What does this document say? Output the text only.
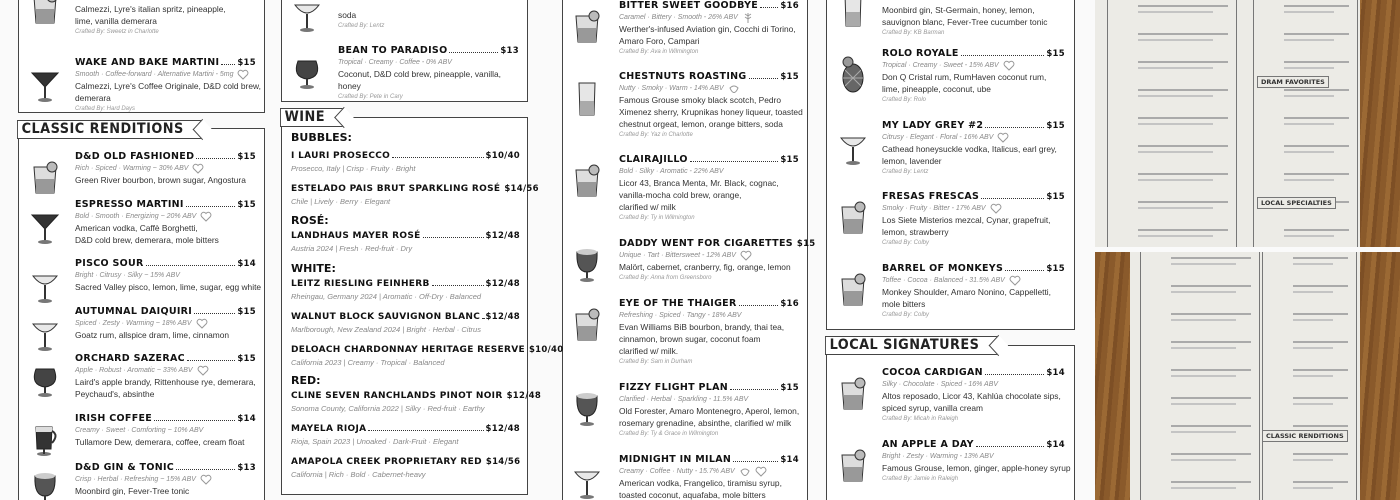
Calmezzi, Lyre's italian spritz, pineapple,
lime, vanilla demerara
Crafted By: Sweetz in Charlotte
WAKE AND BAKE MARTINI $15
Smooth · Coffee-forward · Alternative Martini - 5mg
Calmezzi, Lyre's Coffee Originale, D&D cold brew,
demerara
Crafted By: Hard Days
CLASSIC RENDITIONS
D&D OLD FASHIONED	$15
Rich · Spiced · Warming ~ 30% ABV
Green River bourbon, brown sugar, Angostura
ESPRESSO MARTINI	$15
Bold · Smooth · Energizing ~ 20% ABV
American vodka, Caffè Borghetti,
D&D cold brew, demerara, mole bitters
PISCO SOUR	$14
Bright · Citrusy · Silky ~ 15% ABV
Sacred Valley pisco, lemon, lime, sugar, egg white
AUTUMNAL DAIQUIRI	$15
Spiced · Zesty · Warming ~ 18% ABV
Goatz rum, allspice dram, lime, cinnamon
ORCHARD SAZERAC	$15
Apple · Robust · Aromatic ~ 33% ABV
Laird's apple brandy, Rittenhouse rye, demerara,
Peychaud's, absinthe
IRISH COFFEE	$14
Creamy · Sweet · Comforting ~ 10% ABV
Tullamore Dew, demerara, coffee, cream float
D&D GIN & TONIC	$13
Crisp · Herbal · Refreshing ~ 15% ABV
Moonbird gin, Fever-Tree tonic
soda
Crafted By: Lentz
BEAN TO PARADISO	$13
Tropical · Creamy · Coffee - 0% ABV
Coconut, D&D cold brew, pineapple, vanilla,
honey
Crafted By: Pete in Cary
WINE
BUBBLES:
I LAURI PROSECCO	$10/40
Prosecco, Italy | Crisp · Fruity · Bright
ESTELADO PAIS BRUT SPARKLING ROSÉ $14/56
Chile | Lively · Berry · Elegant
ROSÉ:
LANDHAUS MAYER ROSÉ	$12/48
Austria 2024 | Fresh · Red-fruit · Dry
WHITE:
LEITZ RIESLING FEINHERB	$12/48
Rheingau, Germany 2024 | Aromatic · Off-Dry · Balanced
WALNUT BLOCK SAUVIGNON BLANC $12/48
Marlborough, New Zealand 2024 | Bright · Herbal · Citrus
DELOACH CHARDONNAY HERITAGE RESERVE $10/40
California 2023 | Creamy · Tropical · Balanced
RED:
CLINE SEVEN RANCHLANDS PINOT NOIR $12/48
Sonoma County, California 2022 | Silky · Red-fruit · Earthy
MAYELA RIOJA	$12/48
Rioja, Spain 2023 | Unoaked · Dark-Fruit · Elegant
AMAPOLA CREEK PROPRIETARY RED $14/56
California | Rich · Bold · Cabernet-heavy
BITTER SWEET GOODBYE	$16
Caramel · Bittery · Smooth - 26% ABV
Werther's-infused Aviation gin, Cocchi di Torino,
Amaro Foro, Campari
Crafted By: Ava in Wilmington
CHESTNUTS ROASTING	$15
Nutty · Smoky · Warm - 14% ABV
Famous Grouse smoky black scotch, Pedro
Ximenez sherry, Krupnikas honey liqueur, toasted
chestnut orgeat, lemon, orange bitters, soda
Crafted By: Yaz in Charlotte
CLAIRAJILLO	$15
Bold · Silky · Aromatic - 22% ABV
Licor 43, Branca Menta, Mr. Black, cognac,
vanilla-mocha cold brew, orange,
clarified w/ milk
Crafted By: Ty in Wilmington
DADDY WENT FOR CIGARETTES $15
Unique · Tart · Bittersweet - 12% ABV
Malört, cabernet, cranberry, fig, orange, lemon
Crafted By: Anna from Greensboro
EYE OF THE THAIGER	$16
Refreshing · Spiced · Tangy - 18% ABV
Evan Williams BiB bourbon, brandy, thai tea,
cinnamon, brown sugar, coconut foam
clarified w/ milk.
Crafted By: Sam in Durham
FIZZY FLIGHT PLAN	$15
Clarified · Herbal · Sparkling - 11.5% ABV
Old Forester, Amaro Montenegro, Aperol, lemon,
rosemary grenadine, absinthe, clarified w/ milk
Crafted By: Ty & Grace in Wilmington
MIDNIGHT IN MILAN	$14
Creamy · Coffee · Nutty - 15.7% ABV
American vodka, Frangelico, tiramisu syrup,
toasted coconut, aquafaba, mole bitters
Moonbird gin, St-Germain, honey, lemon,
sauvignon blanc, Fever-Tree cucumber tonic
Crafted By: KB Barman
ROLO ROYALE	$15
Tropical · Creamy · Sweet - 15% ABV
Don Q Cristal rum, RumHaven coconut rum,
lime, pineapple, coconut, ube
Crafted By: Rolo
MY LADY GREY #2	$15
Citrusy · Elegant · Floral - 16% ABV
Cathead honeysuckle vodka, Italicus, earl grey,
lemon, lavender
Crafted By: Lentz
FRESAS FRESCAS	$15
Smoky · Fruity · Bitter - 17% ABV
Los Siete Misterios mezcal, Cynar, grapefruit,
lemon, strawberry
Crafted By: Colby
BARREL OF MONKEYS	$15
Toffee · Cocoa · Balanced - 31.5% ABV
Monkey Shoulder, Amaro Nonino, Cappelletti,
mole bitters
Crafted By: Colby
LOCAL SIGNATURES
COCOA CARDIGAN	$14
Silky · Chocolate · Spiced - 16% ABV
Altos reposado, Licor 43, Kahlúa chocolate sips,
spiced syrup, vanilla cream
Crafted By: Micah in Raleigh
AN APPLE A DAY	$14
Bright · Zesty · Warming - 13% ABV
Famous Grouse, lemon, ginger, apple-honey syrup
Crafted By: Jamie in Raleigh
DRAM FAVORITES
LOCAL SPECIALTIES
CLASSIC RENDITIONS
